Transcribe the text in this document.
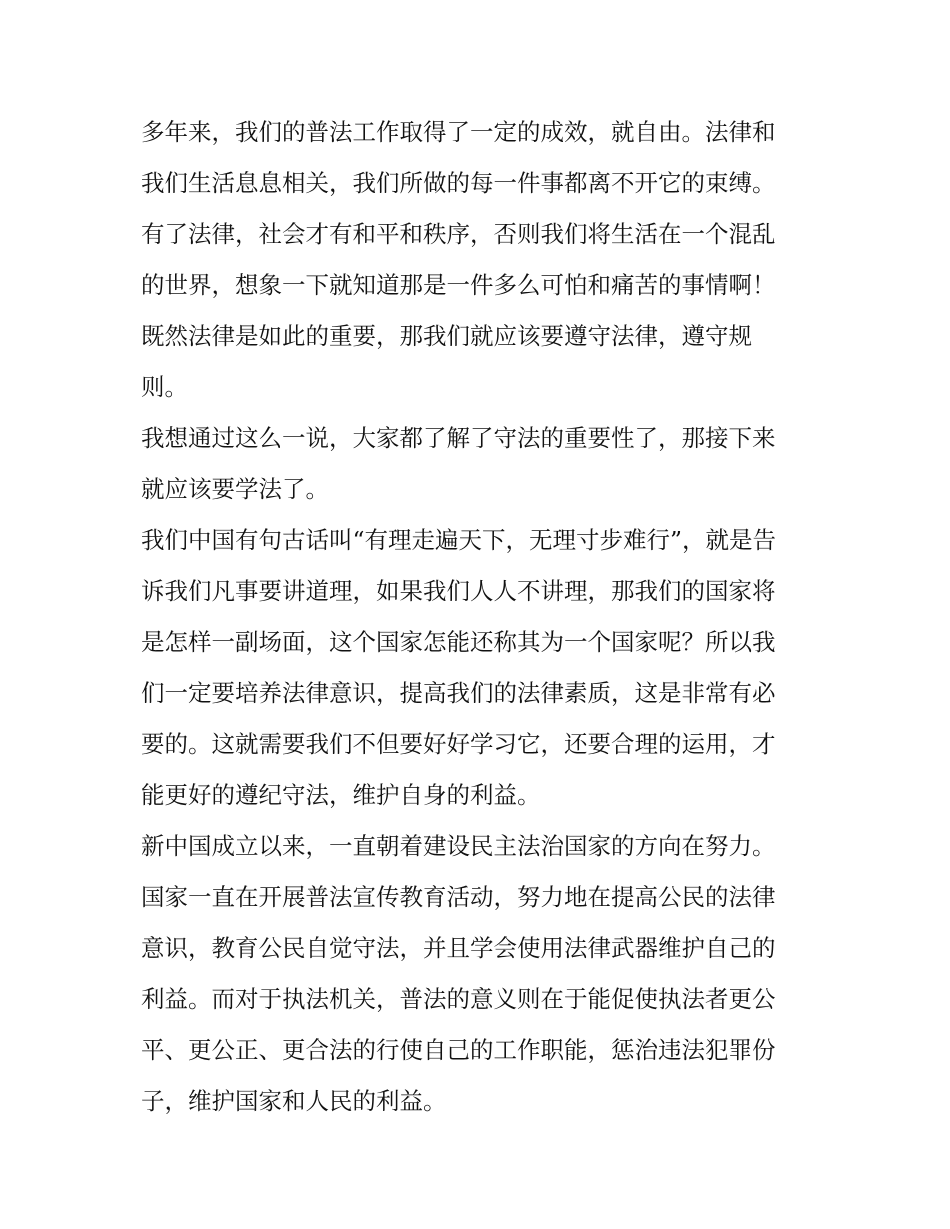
多年来，我们的普法工作取得了一定的成效，就自由。法律和
我们生活息息相关，我们所做的每一件事都离不开它的束缚。
有了法律，社会才有和平和秩序，否则我们将生活在一个混乱
的世界，想象一下就知道那是一件多么可怕和痛苦的事情啊！
既然法律是如此的重要，那我们就应该要遵守法律，遵守规
则。
我想通过这么一说，大家都了解了守法的重要性了，那接下来
就应该要学法了。
我们中国有句古话叫“有理走遍天下，无理寸步难行”，就是告
诉我们凡事要讲道理，如果我们人人不讲理，那我们的国家将
是怎样一副场面，这个国家怎能还称其为一个国家呢？所以我
们一定要培养法律意识，提高我们的法律素质，这是非常有必
要的。这就需要我们不但要好好学习它，还要合理的运用，才
能更好的遵纪守法，维护自身的利益。
新中国成立以来，一直朝着建设民主法治国家的方向在努力。
国家一直在开展普法宣传教育活动，努力地在提高公民的法律
意识，教育公民自觉守法，并且学会使用法律武器维护自己的
利益。而对于执法机关，普法的意义则在于能促使执法者更公
平、更公正、更合法的行使自己的工作职能，惩治违法犯罪份
子，维护国家和人民的利益。
